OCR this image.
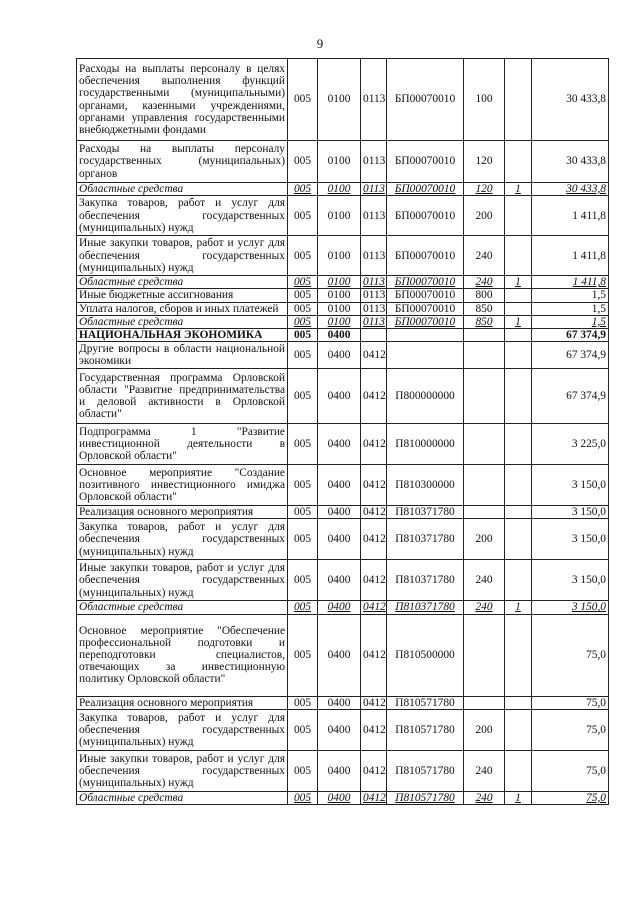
9
Расходы на выплаты персоналу в целях обеспечения выполнения функций государственными (муниципальными) органами, казенными учреждениями, органами управления государственными внебюджетными фондами	005	0100	0113	БП00070010	100		30 433,8
Расходы на выплаты персоналу государственных (муниципальных) органов	005	0100	0113	БП00070010	120		30 433,8
Областные средства	005	0100	0113	БП00070010	120	1	30 433,8
Закупка товаров, работ и услуг для обеспечения государственных (муниципальных) нужд	005	0100	0113	БП00070010	200		1 411,8
Иные закупки товаров, работ и услуг для обеспечения государственных (муниципальных) нужд	005	0100	0113	БП00070010	240		1 411,8
Областные средства	005	0100	0113	БП00070010	240	1	1 411,8
Иные бюджетные ассигнования	005	0100	0113	БП00070010	800		1,5
Уплата налогов, сборов и иных платежей	005	0100	0113	БП00070010	850		1,5
Областные средства	005	0100	0113	БП00070010	850	1	1,5
НАЦИОНАЛЬНАЯ ЭКОНОМИКА	005	0400					67 374,9
Другие вопросы в области национальной экономики	005	0400	0412				67 374,9
Государственная программа Орловской области "Развитие предпринимательства и деловой активности в Орловской области"	005	0400	0412	П800000000			67 374,9
Подпрограмма 1 "Развитие инвестиционной деятельности в Орловской области"	005	0400	0412	П810000000			3 225,0
Основное мероприятие "Создание позитивного инвестиционного имиджа Орловской области"	005	0400	0412	П810300000			3 150,0
Реализация основного мероприятия	005	0400	0412	П810371780			3 150,0
Закупка товаров, работ и услуг для обеспечения государственных (муниципальных) нужд	005	0400	0412	П810371780	200		3 150,0
Иные закупки товаров, работ и услуг для обеспечения государственных (муниципальных) нужд	005	0400	0412	П810371780	240		3 150,0
Областные средства	005	0400	0412	П810371780	240	1	3 150,0
Основное мероприятие "Обеспечение профессиональной подготовки и переподготовки специалистов, отвечающих за инвестиционную политику Орловской области"	005	0400	0412	П810500000			75,0
Реализация основного мероприятия	005	0400	0412	П810571780			75,0
Закупка товаров, работ и услуг для обеспечения государственных (муниципальных) нужд	005	0400	0412	П810571780	200		75,0
Иные закупки товаров, работ и услуг для обеспечения государственных (муниципальных) нужд	005	0400	0412	П810571780	240		75,0
Областные средства	005	0400	0412	П810571780	240	1	75,0
